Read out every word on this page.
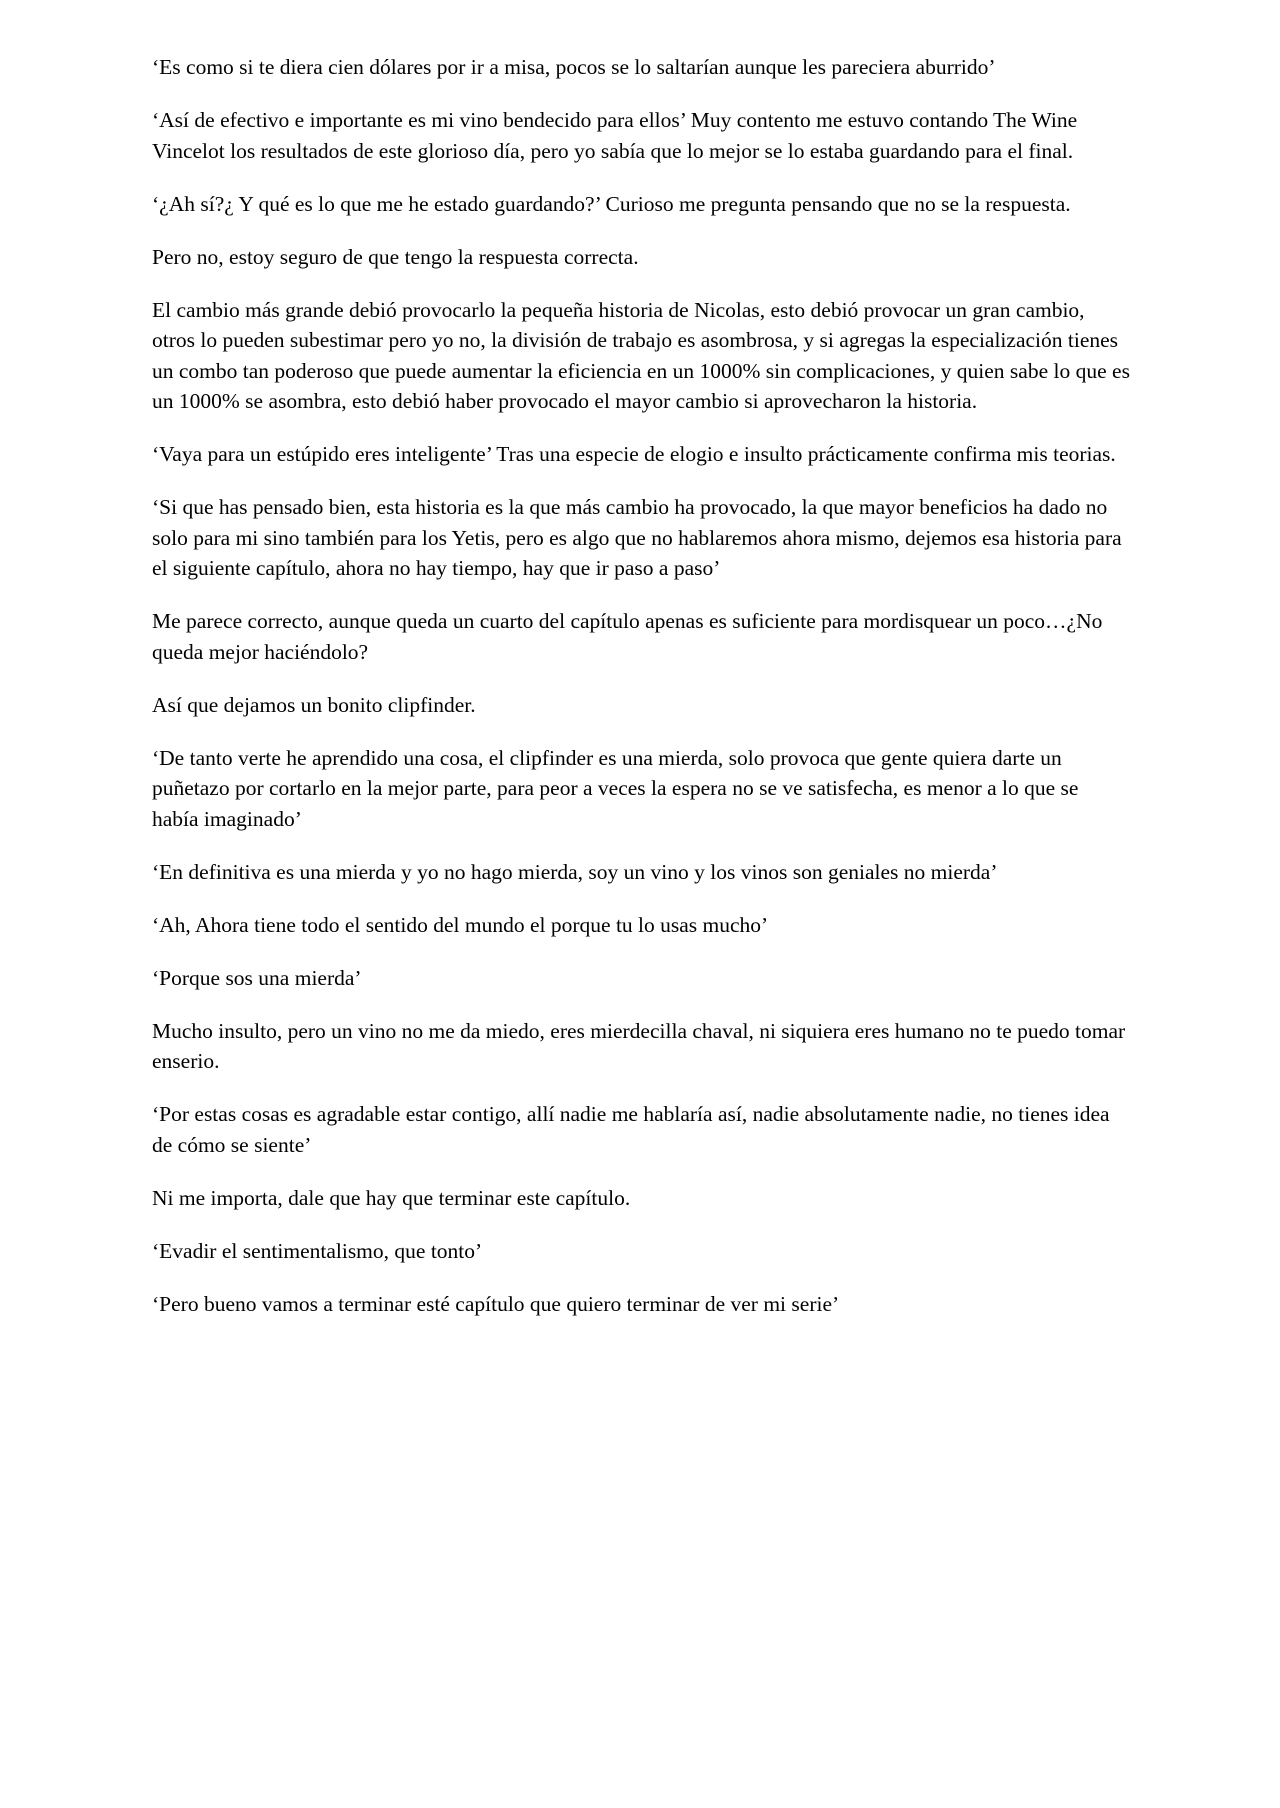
‘Es como si te diera cien dólares por ir a misa, pocos se lo saltarían aunque les pareciera aburrido’

‘Así de efectivo e importante es mi vino bendecido para ellos’ Muy contento me estuvo contando The Wine Vincelot los resultados de este glorioso día, pero yo sabía que lo mejor se lo estaba guardando para el final.

‘¿Ah sí?¿ Y qué es lo que me he estado guardando?’ Curioso me pregunta pensando que no se la respuesta.

Pero no, estoy seguro de que tengo la respuesta correcta.

El cambio más grande debió provocarlo la pequeña historia de Nicolas, esto debió provocar un gran cambio, otros lo pueden subestimar pero yo no, la división de trabajo es asombrosa, y si agregas la especialización tienes un combo tan poderoso que puede aumentar la eficiencia en un 1000% sin complicaciones, y quien sabe lo que es un 1000% se asombra, esto debió haber provocado el mayor cambio si aprovecharon la historia.

‘Vaya para un estúpido eres inteligente’ Tras una especie de elogio e insulto prácticamente confirma mis teorias.

‘Si que has pensado bien, esta historia es la que más cambio ha provocado, la que mayor beneficios ha dado no solo para mi sino también para los Yetis, pero es algo que no hablaremos ahora mismo, dejemos esa historia para el siguiente capítulo, ahora no hay tiempo, hay que ir paso a paso’

Me parece correcto, aunque queda un cuarto del capítulo apenas es suficiente para mordisquear un poco…¿No queda mejor haciéndolo?

Así que dejamos un bonito clipfinder.

‘De tanto verte he aprendido una cosa, el clipfinder es una mierda, solo provoca que gente quiera darte un puñetazo por cortarlo en la mejor parte, para peor a veces la espera no se ve satisfecha, es menor a lo que se había imaginado’

‘En definitiva es una mierda y yo no hago mierda, soy un vino y los vinos son geniales no mierda’

‘Ah, Ahora tiene todo el sentido del mundo el porque tu lo usas mucho’

‘Porque sos una mierda’

Mucho insulto, pero un vino no me da miedo, eres mierdecilla chaval, ni siquiera eres humano no te puedo tomar enserio.

‘Por estas cosas es agradable estar contigo, allí nadie me hablaría así, nadie absolutamente nadie, no tienes idea de cómo se siente’

Ni me importa, dale que hay que terminar este capítulo.

‘Evadir el sentimentalismo, que tonto’

‘Pero bueno vamos a terminar esté capítulo que quiero terminar de ver mi serie’
